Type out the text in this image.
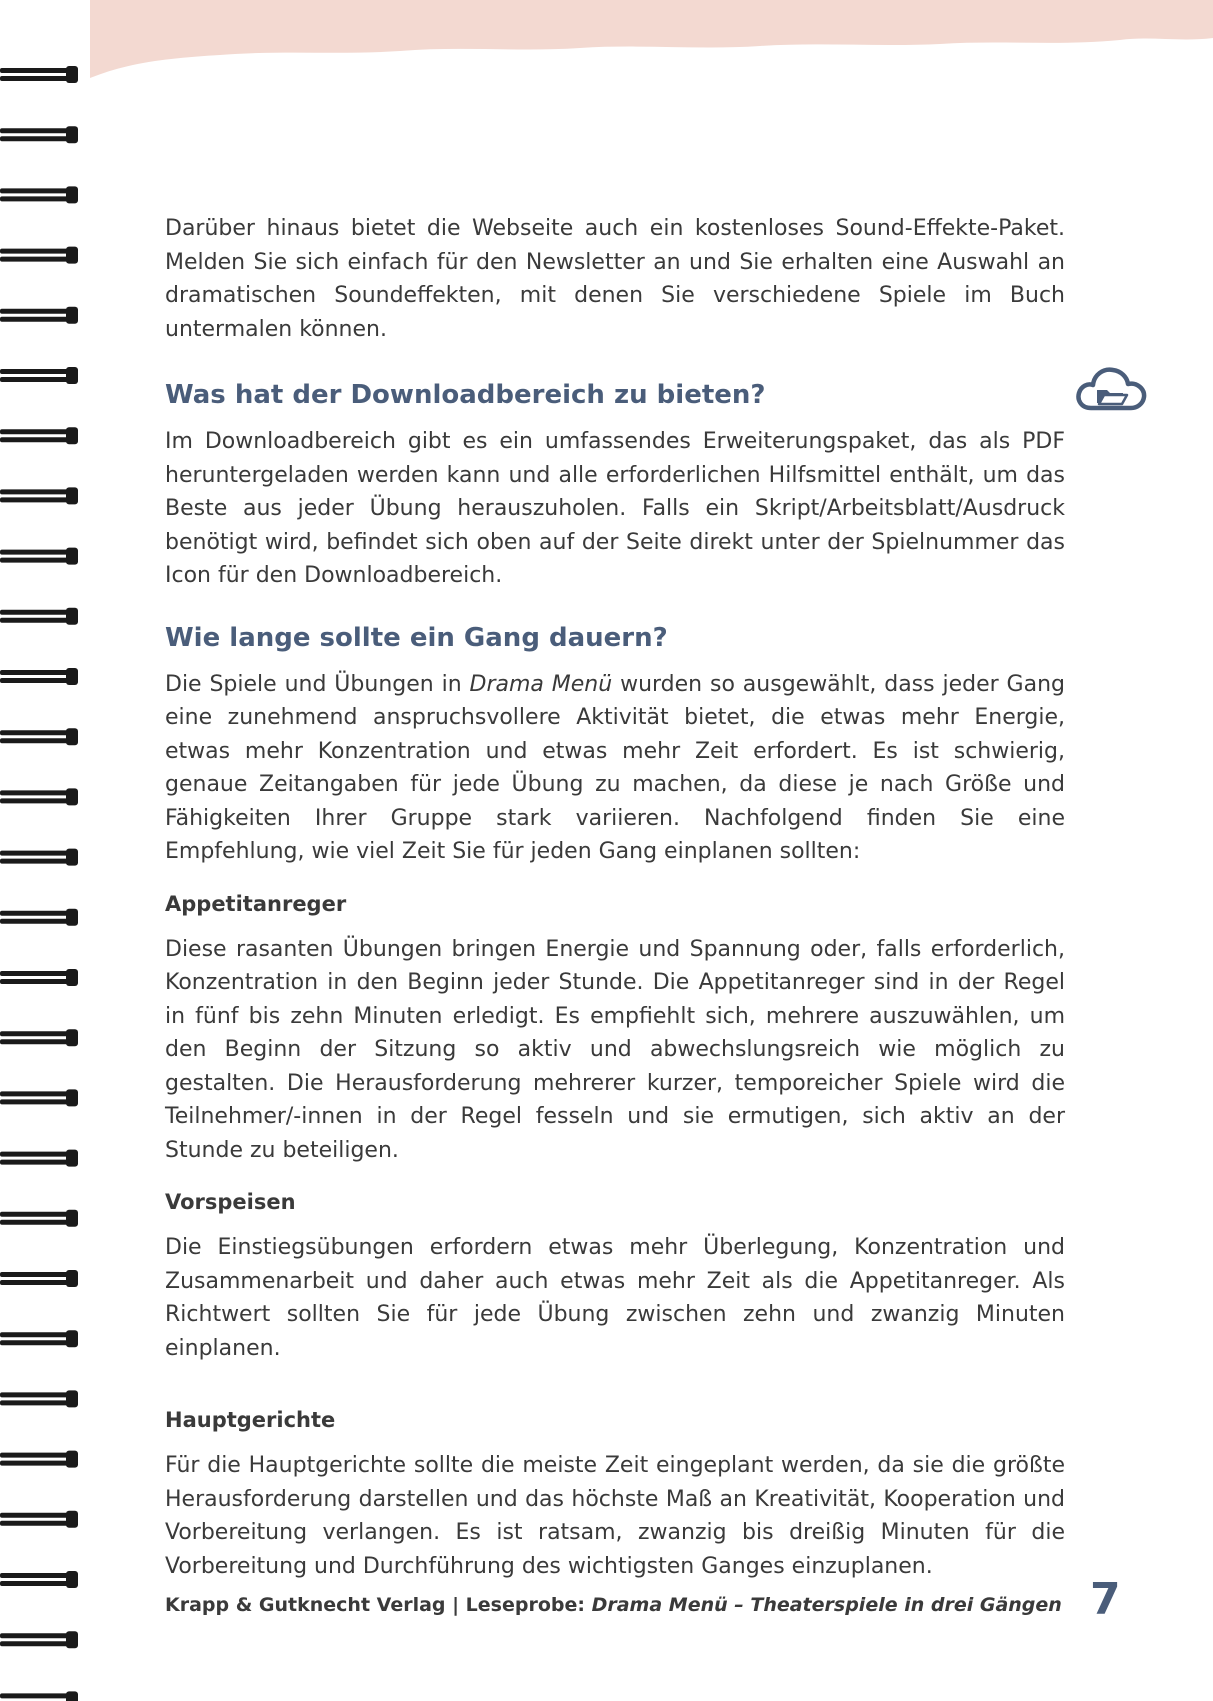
Darüber hinaus bietet die Webseite auch ein kostenloses Sound-Effekte-Paket. Melden Sie sich einfach für den Newsletter an und Sie erhalten eine Auswahl an dramatischen Soundeffekten, mit denen Sie verschiedene Spiele im Buch untermalen können.

Was hat der Downloadbereich zu bieten?

Im Downloadbereich gibt es ein umfassendes Erweiterungspaket, das als PDF heruntergeladen werden kann und alle erforderlichen Hilfsmittel enthält, um das Beste aus jeder Übung herauszuholen. Falls ein Skript/Arbeitsblatt/Ausdruck benötigt wird, befindet sich oben auf der Seite direkt unter der Spielnummer das Icon für den Downloadbereich.

Wie lange sollte ein Gang dauern?

Die Spiele und Übungen in Drama Menü wurden so ausgewählt, dass jeder Gang eine zunehmend anspruchsvollere Aktivität bietet, die etwas mehr Energie, etwas mehr Konzentration und etwas mehr Zeit erfordert. Es ist schwierig, genaue Zeitangaben für jede Übung zu machen, da diese je nach Größe und Fähigkeiten Ihrer Gruppe stark variieren. Nachfolgend finden Sie eine Empfehlung, wie viel Zeit Sie für jeden Gang einplanen sollten:

Appetitanreger

Diese rasanten Übungen bringen Energie und Spannung oder, falls erforderlich, Konzentration in den Beginn jeder Stunde. Die Appetitanreger sind in der Regel in fünf bis zehn Minuten erledigt. Es empfiehlt sich, mehrere auszuwählen, um den Beginn der Sitzung so aktiv und abwechslungsreich wie möglich zu gestalten. Die Herausforderung mehrerer kurzer, temporeicher Spiele wird die Teilnehmer/-innen in der Regel fesseln und sie ermutigen, sich aktiv an der Stunde zu beteiligen.

Vorspeisen

Die Einstiegsübungen erfordern etwas mehr Überlegung, Konzentration und Zusammenarbeit und daher auch etwas mehr Zeit als die Appetitanreger. Als Richtwert sollten Sie für jede Übung zwischen zehn und zwanzig Minuten einplanen.

Hauptgerichte

Für die Hauptgerichte sollte die meiste Zeit eingeplant werden, da sie die größte Herausforderung darstellen und das höchste Maß an Kreativität, Kooperation und Vorbereitung verlangen. Es ist ratsam, zwanzig bis dreißig Minuten für die Vorbereitung und Durchführung des wichtigsten Ganges einzuplanen.

Krapp & Gutknecht Verlag | Leseprobe: Drama Menü – Theaterspiele in drei Gängen 7
